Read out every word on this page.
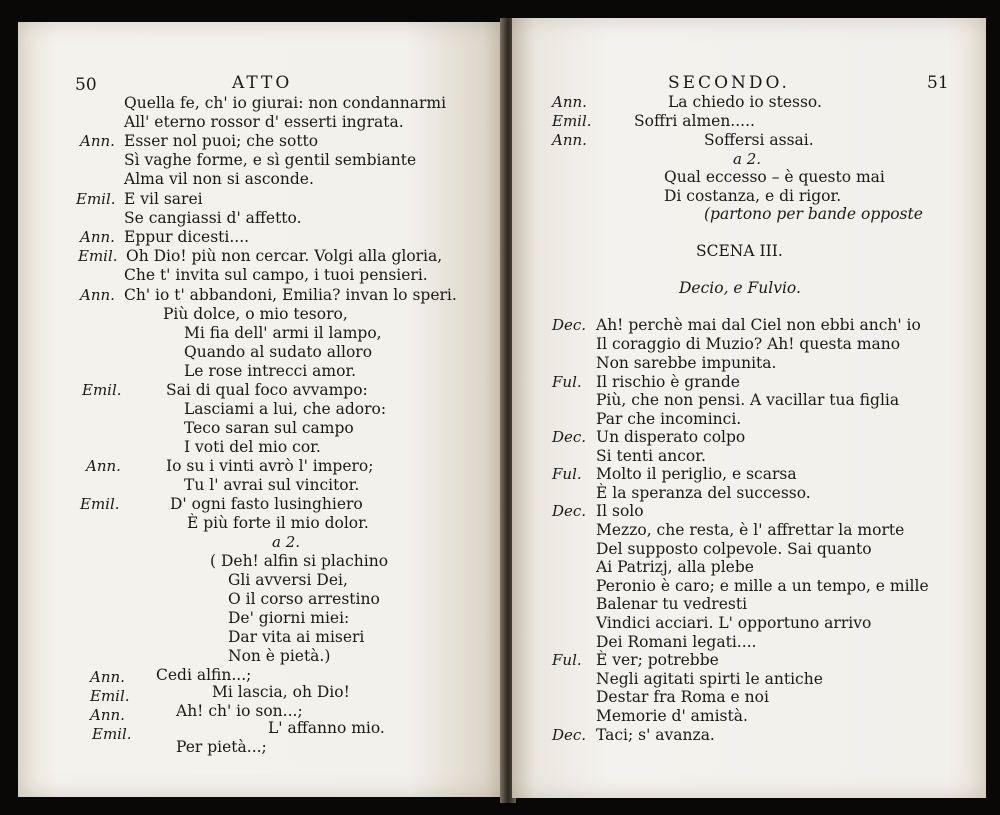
50	ATTO
Quella fe, ch' io giurai: non condannarmi
All' eterno rossor d' esserti ingrata.
Ann. Esser nol puoi; che sotto
Sì vaghe forme, e sì gentil sembiante
Alma vil non si asconde.
Emil. E vil sarei
Se cangiassi d' affetto.
Ann. Eppur dicesti....
Emil. Oh Dio! più non cercar. Volgi alla gloria,
Che t' invita sul campo, i tuoi pensieri.
Ann. Ch' io t' abbandoni, Emilia? invan lo speri.
Più dolce, o mio tesoro,
Mi fia dell' armi il lampo,
Quando al sudato alloro
Le rose intrecci amor.
Emil.	Sai di qual foco avvampo:
Lasciami a lui, che adoro:
Teco saran sul campo
I voti del mio cor.
Ann.	Io su i vinti avrò l' impero;
Tu l' avrai sul vincitor.
Emil.	D' ogni fasto lusinghiero
È più forte il mio dolor.
a 2.
( Deh! alfin si plachino
Gli avversi Dei,
O il corso arrestino
De' giorni miei:
Dar vita ai miseri
Non è pietà.)
Ann. Cedi alfin...;
Emil.	Mi lascia, oh Dio!
Ann.	Ah! ch' io son...;
Emil.	L' affanno mio.
Per pietà...;
SECONDO.	51
Ann.	La chiedo io stesso.
Emil.	Soffri almen.....
Ann.	Soffersi assai.
a 2.
Qual eccesso – è questo mai
Di costanza, e di rigor.
(partono per bande opposte
SCENA III.
Decio, e Fulvio.
Dec. Ah! perchè mai dal Ciel non ebbi anch' io
Il coraggio di Muzio? Ah! questa mano
Non sarebbe impunita.
Ful. Il rischio è grande
Più, che non pensi. A vacillar tua figlia
Par che incominci.
Dec. Un disperato colpo
Si tenti ancor.
Ful. Molto il periglio, e scarsa
È la speranza del successo.
Dec. Il solo
Mezzo, che resta, è l' affrettar la morte
Del supposto colpevole. Sai quanto
Ai Patrizj, alla plebe
Peronio è caro; e mille a un tempo, e mille
Balenar tu vedresti
Vindici acciari. L' opportuno arrivo
Dei Romani legati....
Ful. È ver; potrebbe
Negli agitati spirti le antiche
Destar fra Roma e noi
Memorie d' amistà.
Dec. Taci; s' avanza.
